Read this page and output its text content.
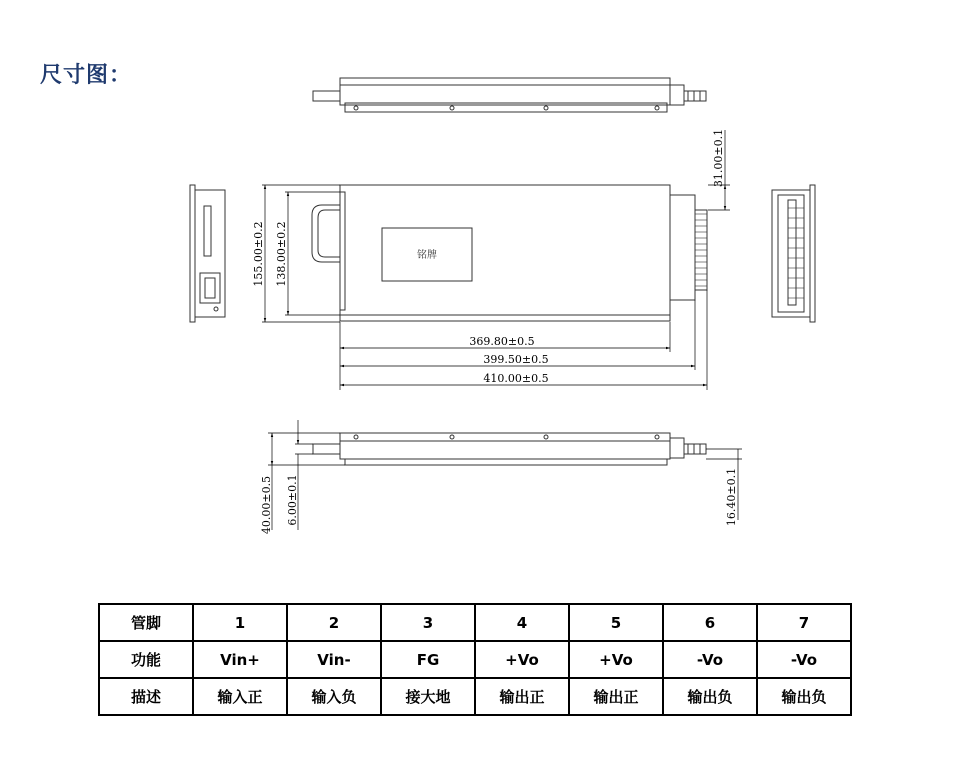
尺寸图：
铭牌
31.00±0.1
155.00±0.2 138.00±0.2
369.80±0.5
399.50±0.5
410.00±0.5
40.00±0.5 6.00±0.1	16.40±0.1
管脚	1	2	3	4	5	6	7
功能	Vin+	Vin-	FG	+Vo	+Vo	-Vo	-Vo
描述	输入正	输入负	接大地	输出正	输出正	输出负	输出负
